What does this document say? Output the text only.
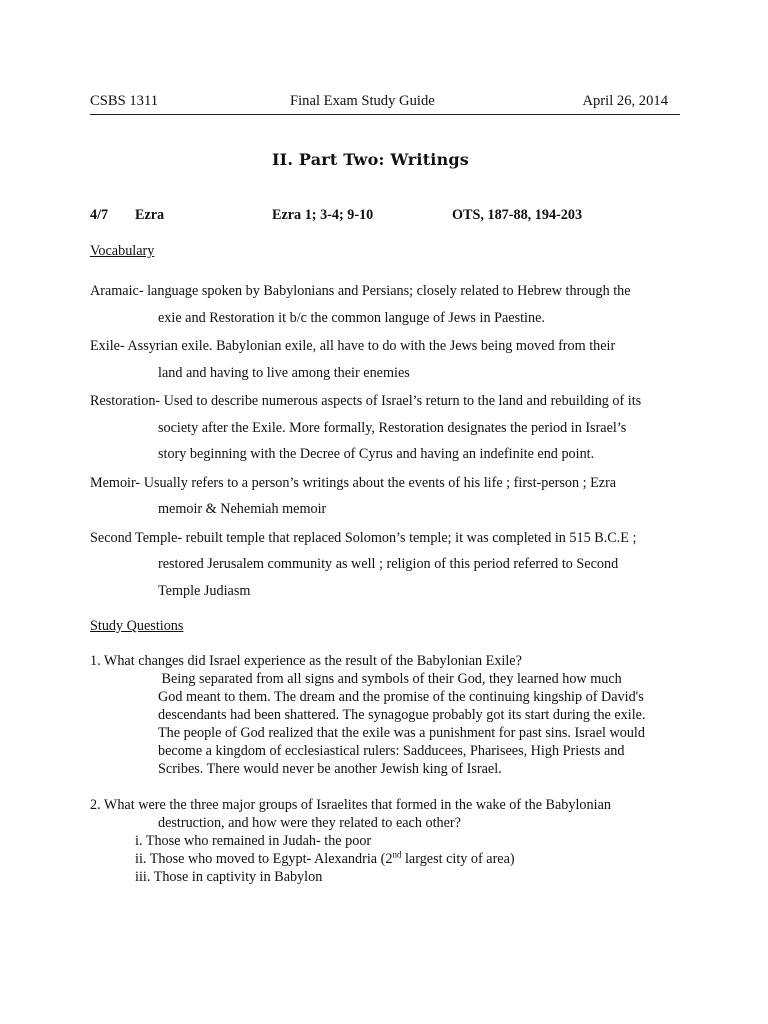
CSBS 1311	Final Exam Study Guide	April 26, 2014
II. Part Two: Writings
4/7 Ezra	Ezra 1; 3-4; 9-10	OTS, 187-88, 194-203
Vocabulary
Aramaic- language spoken by Babylonians and Persians; closely related to Hebrew through the
exie and Restoration it b/c the common languge of Jews in Paestine.
Exile- Assyrian exile. Babylonian exile, all have to do with the Jews being moved from their
land and having to live among their enemies
Restoration- Used to describe numerous aspects of Israel’s return to the land and rebuilding of its
society after the Exile. More formally, Restoration designates the period in Israel’s
story beginning with the Decree of Cyrus and having an indefinite end point.
Memoir- Usually refers to a person’s writings about the events of his life ; first-person ; Ezra
memoir & Nehemiah memoir
Second Temple- rebuilt temple that replaced Solomon’s temple; it was completed in 515 B.C.E ;
restored Jerusalem community as well ; religion of this period referred to Second
Temple Judiasm
Study Questions
1. What changes did Israel experience as the result of the Babylonian Exile?
Being separated from all signs and symbols of their God, they learned how much
God meant to them. The dream and the promise of the continuing kingship of David's
descendants had been shattered. The synagogue probably got its start during the exile.
The people of God realized that the exile was a punishment for past sins. Israel would
become a kingdom of ecclesiastical rulers: Sadducees, Pharisees, High Priests and
Scribes. There would never be another Jewish king of Israel.
2. What were the three major groups of Israelites that formed in the wake of the Babylonian
destruction, and how were they related to each other?
i. Those who remained in Judah- the poor
ii. Those who moved to Egypt- Alexandria (2nd largest city of area)
iii. Those in captivity in Babylon
